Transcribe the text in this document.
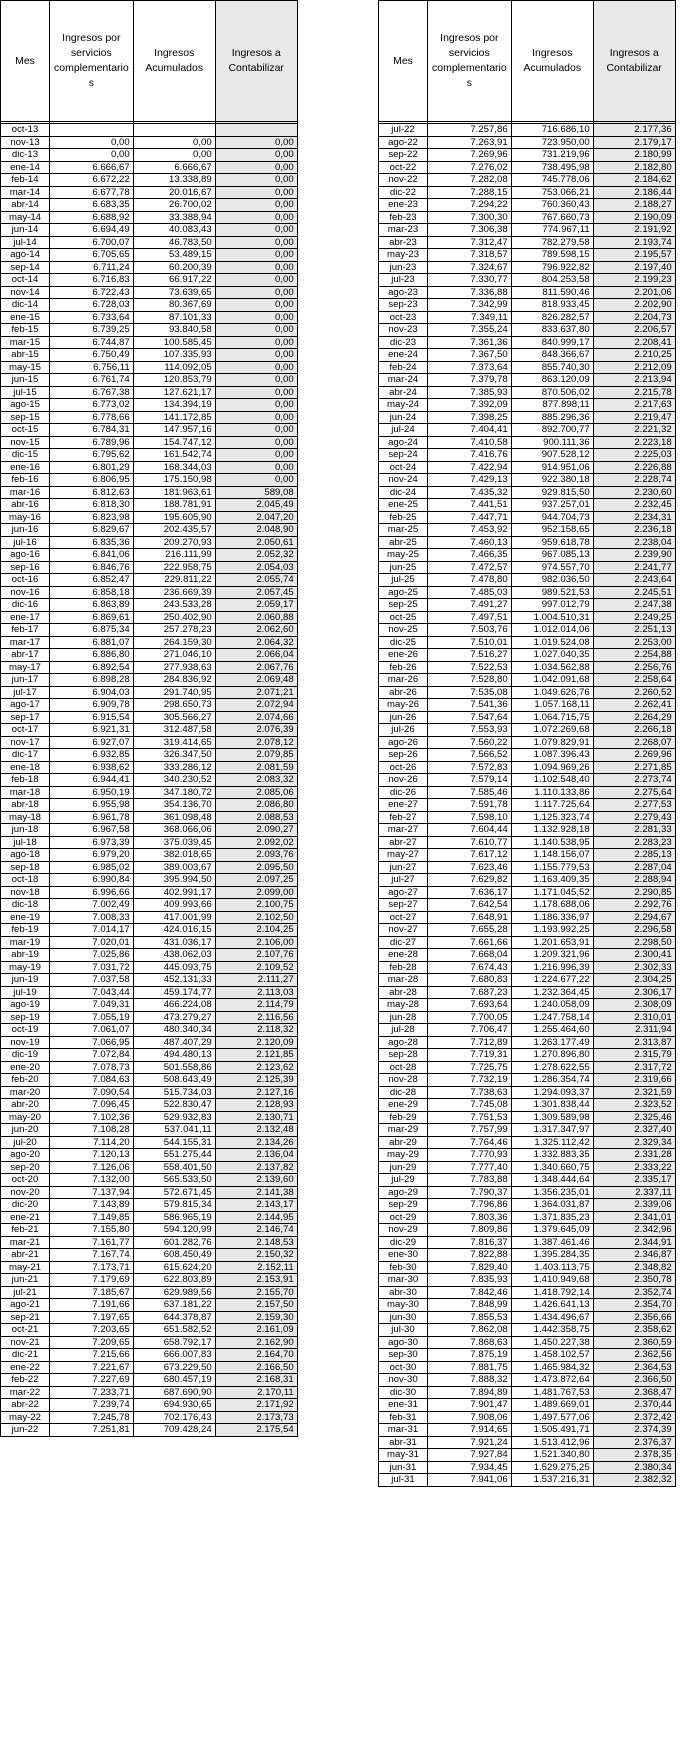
Mes	Ingresos por servicios complementario s	Ingresos Acumulados	Ingresos a Contabilizar

oct-13			
nov-13	0,00	0,00	0,00
dic-13	0,00	0,00	0,00
ene-14	6.666,67	6.666,67	0,00
feb-14	6.672,22	13.338,89	0,00
mar-14	6.677,78	20.016,67	0,00
abr-14	6.683,35	26.700,02	0,00
may-14	6.688,92	33.388,94	0,00
jun-14	6.694,49	40.083,43	0,00
jul-14	6.700,07	46.783,50	0,00
ago-14	6.705,65	53.489,15	0,00
sep-14	6.711,24	60.200,39	0,00
oct-14	6.716,83	66.917,22	0,00
nov-14	6.722,43	73.639,65	0,00
dic-14	6.728,03	80.367,69	0,00
ene-15	6.733,64	87.101,33	0,00
feb-15	6.739,25	93.840,58	0,00
mar-15	6.744,87	100.585,45	0,00
abr-15	6.750,49	107.335,93	0,00
may-15	6.756,11	114.092,05	0,00
jun-15	6.761,74	120.853,79	0,00
jul-15	6.767,38	127.621,17	0,00
ago-15	6.773,02	134.394,19	0,00
sep-15	6.778,66	141.172,85	0,00
oct-15	6.784,31	147.957,16	0,00
nov-15	6.789,96	154.747,12	0,00
dic-15	6.795,62	161.542,74	0,00
ene-16	6.801,29	168.344,03	0,00
feb-16	6.806,95	175.150,98	0,00
mar-16	6.812,63	181.963,61	589,08
abr-16	6.818,30	188.781,91	2.045,49
may-16	6.823,98	195.605,90	2.047,20
jun-16	6.829,67	202.435,57	2.048,90
jul-16	6.835,36	209.270,93	2.050,61
ago-16	6.841,06	216.111,99	2.052,32
sep-16	6.846,76	222.958,75	2.054,03
oct-16	6.852,47	229.811,22	2.055,74
nov-16	6.858,18	236.669,39	2.057,45
dic-16	6.863,89	243.533,28	2.059,17
ene-17	6.869,61	250.402,90	2.060,88
feb-17	6.875,34	257.278,23	2.062,60
mar-17	6.881,07	264.159,30	2.064,32
abr-17	6.886,80	271.046,10	2.066,04
may-17	6.892,54	277.938,63	2.067,76
jun-17	6.898,28	284.836,92	2.069,48
jul-17	6.904,03	291.740,95	2.071,21
ago-17	6.909,78	298.650,73	2.072,94
sep-17	6.915,54	305.566,27	2.074,66
oct-17	6.921,31	312.487,58	2.076,39
nov-17	6.927,07	319.414,65	2.078,12
dic-17	6.932,85	326.347,50	2.079,85
ene-18	6.938,62	333.286,12	2.081,59
feb-18	6.944,41	340.230,52	2.083,32
mar-18	6.950,19	347.180,72	2.085,06
abr-18	6.955,98	354.136,70	2.086,80
may-18	6.961,78	361.098,48	2.088,53
jun-18	6.967,58	368.066,06	2.090,27
jul-18	6.973,39	375.039,45	2.092,02
ago-18	6.979,20	382.018,65	2.093,76
sep-18	6.985,02	389.003,67	2.095,50
oct-18	6.990,84	395.994,50	2.097,25
nov-18	6.996,66	402.991,17	2.099,00
dic-18	7.002,49	409.993,66	2.100,75
ene-19	7.008,33	417.001,99	2.102,50
feb-19	7.014,17	424.016,15	2.104,25
mar-19	7.020,01	431.036,17	2.106,00
abr-19	7.025,86	438.062,03	2.107,76
may-19	7.031,72	445.093,75	2.109,52
jun-19	7.037,58	452.131,33	2.111,27
jul-19	7.043,44	459.174,77	2.113,03
ago-19	7.049,31	466.224,08	2.114,79
sep-19	7.055,19	473.279,27	2.116,56
oct-19	7.061,07	480.340,34	2.118,32
nov-19	7.066,95	487.407,29	2.120,09
dic-19	7.072,84	494.480,13	2.121,85
ene-20	7.078,73	501.558,86	2.123,62
feb-20	7.084,63	508.643,49	2.125,39
mar-20	7.090,54	515.734,03	2.127,16
abr-20	7.096,45	522.830,47	2.128,93
may-20	7.102,36	529.932,83	2.130,71
jun-20	7.108,28	537.041,11	2.132,48
jul-20	7.114,20	544.155,31	2.134,26
ago-20	7.120,13	551.275,44	2.136,04
sep-20	7.126,06	558.401,50	2.137,82
oct-20	7.132,00	565.533,50	2.139,60
nov-20	7.137,94	572.671,45	2.141,38
dic-20	7.143,89	579.815,34	2.143,17
ene-21	7.149,85	586.965,19	2.144,95
feb-21	7.155,80	594.120,99	2.146,74
mar-21	7.161,77	601.282,76	2.148,53
abr-21	7.167,74	608.450,49	2.150,32
may-21	7.173,71	615.624,20	2.152,11
jun-21	7.179,69	622.803,89	2.153,91
jul-21	7.185,67	629.989,56	2.155,70
ago-21	7.191,66	637.181,22	2.157,50
sep-21	7.197,65	644.378,87	2.159,30
oct-21	7.203,65	651.582,52	2.161,09
nov-21	7.209,65	658.792,17	2.162,90
dic-21	7.215,66	666.007,83	2.164,70
ene-22	7.221,67	673.229,50	2.166,50
feb-22	7.227,69	680.457,19	2.168,31
mar-22	7.233,71	687.690,90	2.170,11
abr-22	7.239,74	694.930,65	2.171,92
may-22	7.245,78	702.176,43	2.173,73
jun-22	7.251,81	709.428,24	2.175,54
Mes	Ingresos por servicios complementario s	Ingresos Acumulados	Ingresos a Contabilizar

jul-22	7.257,86	716.686,10	2.177,36
ago-22	7.263,91	723.950,00	2.179,17
sep-22	7.269,96	731.219,96	2.180,99
oct-22	7.276,02	738.495,98	2.182,80
nov-22	7.282,08	745.778,06	2.184,62
dic-22	7.288,15	753.066,21	2.186,44
ene-23	7.294,22	760.360,43	2.188,27
feb-23	7.300,30	767.660,73	2.190,09
mar-23	7.306,38	774.967,11	2.191,92
abr-23	7.312,47	782.279,58	2.193,74
may-23	7.318,57	789.598,15	2.195,57
jun-23	7.324,67	796.922,82	2.197,40
jul-23	7.330,77	804.253,58	2.199,23
ago-23	7.336,88	811.590,46	2.201,06
sep-23	7.342,99	818.933,45	2.202,90
oct-23	7.349,11	826.282,57	2.204,73
nov-23	7.355,24	833.637,80	2.206,57
dic-23	7.361,36	840.999,17	2.208,41
ene-24	7.367,50	848.366,67	2.210,25
feb-24	7.373,64	855.740,30	2.212,09
mar-24	7.379,78	863.120,09	2.213,94
abr-24	7.385,93	870.506,02	2.215,78
may-24	7.392,09	877.898,11	2.217,63
jun-24	7.398,25	885.296,36	2.219,47
jul-24	7.404,41	892.700,77	2.221,32
ago-24	7.410,58	900.111,36	2.223,18
sep-24	7.416,76	907.528,12	2.225,03
oct-24	7.422,94	914.951,06	2.226,88
nov-24	7.429,13	922.380,18	2.228,74
dic-24	7.435,32	929.815,50	2.230,60
ene-25	7.441,51	937.257,01	2.232,45
feb-25	7.447,71	944.704,73	2.234,31
mar-25	7.453,92	952.158,65	2.236,18
abr-25	7.460,13	959.618,78	2.238,04
may-25	7.466,35	967.085,13	2.239,90
jun-25	7.472,57	974.557,70	2.241,77
jul-25	7.478,80	982.036,50	2.243,64
ago-25	7.485,03	989.521,53	2.245,51
sep-25	7.491,27	997.012,79	2.247,38
oct-25	7.497,51	1.004.510,31	2.249,25
nov-25	7.503,76	1.012.014,06	2.251,13
dic-25	7.510,01	1.019.524,08	2.253,00
ene-26	7.516,27	1.027.040,35	2.254,88
feb-26	7.522,53	1.034.562,88	2.256,76
mar-26	7.528,80	1.042.091,68	2.258,64
abr-26	7.535,08	1.049.626,76	2.260,52
may-26	7.541,36	1.057.168,11	2.262,41
jun-26	7.547,64	1.064.715,75	2.264,29
jul-26	7.553,93	1.072.269,68	2.266,18
ago-26	7.560,22	1.079.829,91	2.268,07
sep-26	7.566,52	1.087.396,43	2.269,96
oct-26	7.572,83	1.094.969,26	2.271,85
nov-26	7.579,14	1.102.548,40	2.273,74
dic-26	7.585,46	1.110.133,86	2.275,64
ene-27	7.591,78	1.117.725,64	2.277,53
feb-27	7.598,10	1.125.323,74	2.279,43
mar-27	7.604,44	1.132.928,18	2.281,33
abr-27	7.610,77	1.140.538,95	2.283,23
may-27	7.617,12	1.148.156,07	2.285,13
jun-27	7.623,46	1.155.779,53	2.287,04
jul-27	7.629,82	1.163.409,35	2.288,94
ago-27	7.636,17	1.171.045,52	2.290,85
sep-27	7.642,54	1.178.688,06	2.292,76
oct-27	7.648,91	1.186.336,97	2.294,67
nov-27	7.655,28	1.193.992,25	2.296,58
dic-27	7.661,66	1.201.653,91	2.298,50
ene-28	7.668,04	1.209.321,96	2.300,41
feb-28	7.674,43	1.216.996,39	2.302,33
mar-28	7.680,83	1.224.677,22	2.304,25
abr-28	7.687,23	1.232.364,45	2.306,17
may-28	7.693,64	1.240.058,09	2.308,09
jun-28	7.700,05	1.247.758,14	2.310,01
jul-28	7.706,47	1.255.464,60	2.311,94
ago-28	7.712,89	1.263.177,49	2.313,87
sep-28	7.719,31	1.270.896,80	2.315,79
oct-28	7.725,75	1.278.622,55	2.317,72
nov-28	7.732,19	1.286.354,74	2.319,66
dic-28	7.738,63	1.294.093,37	2.321,59
ene-29	7.745,08	1.301.838,44	2.323,52
feb-29	7.751,53	1.309.589,98	2.325,46
mar-29	7.757,99	1.317.347,97	2.327,40
abr-29	7.764,46	1.325.112,42	2.329,34
may-29	7.770,93	1.332.883,35	2.331,28
jun-29	7.777,40	1.340.660,75	2.333,22
jul-29	7.783,88	1.348.444,64	2.335,17
ago-29	7.790,37	1.356.235,01	2.337,11
sep-29	7.796,86	1.364.031,87	2.339,06
oct-29	7.803,36	1.371.835,23	2.341,01
nov-29	7.809,86	1.379.645,09	2.342,96
dic-29	7.816,37	1.387.461,46	2.344,91
ene-30	7.822,88	1.395.284,35	2.346,87
feb-30	7.829,40	1.403.113,75	2.348,82
mar-30	7.835,93	1.410.949,68	2.350,78
abr-30	7.842,46	1.418.792,14	2.352,74
may-30	7.848,99	1.426.641,13	2.354,70
jun-30	7.855,53	1.434.496,67	2.356,66
jul-30	7.862,08	1.442.358,75	2.358,62
ago-30	7.868,63	1.450.227,38	2.360,59
sep-30	7.875,19	1.458.102,57	2.362,56
oct-30	7.881,75	1.465.984,32	2.364,53
nov-30	7.888,32	1.473.872,64	2.366,50
dic-30	7.894,89	1.481.767,53	2.368,47
ene-31	7.901,47	1.489.669,01	2.370,44
feb-31	7.908,06	1.497.577,06	2.372,42
mar-31	7.914,65	1.505.491,71	2.374,39
abr-31	7.921,24	1.513.412,96	2.376,37
may-31	7.927,84	1.521.340,80	2.378,35
jun-31	7.934,45	1.529.275,25	2.380,34
jul-31	7.941,06	1.537.216,31	2.382,32
